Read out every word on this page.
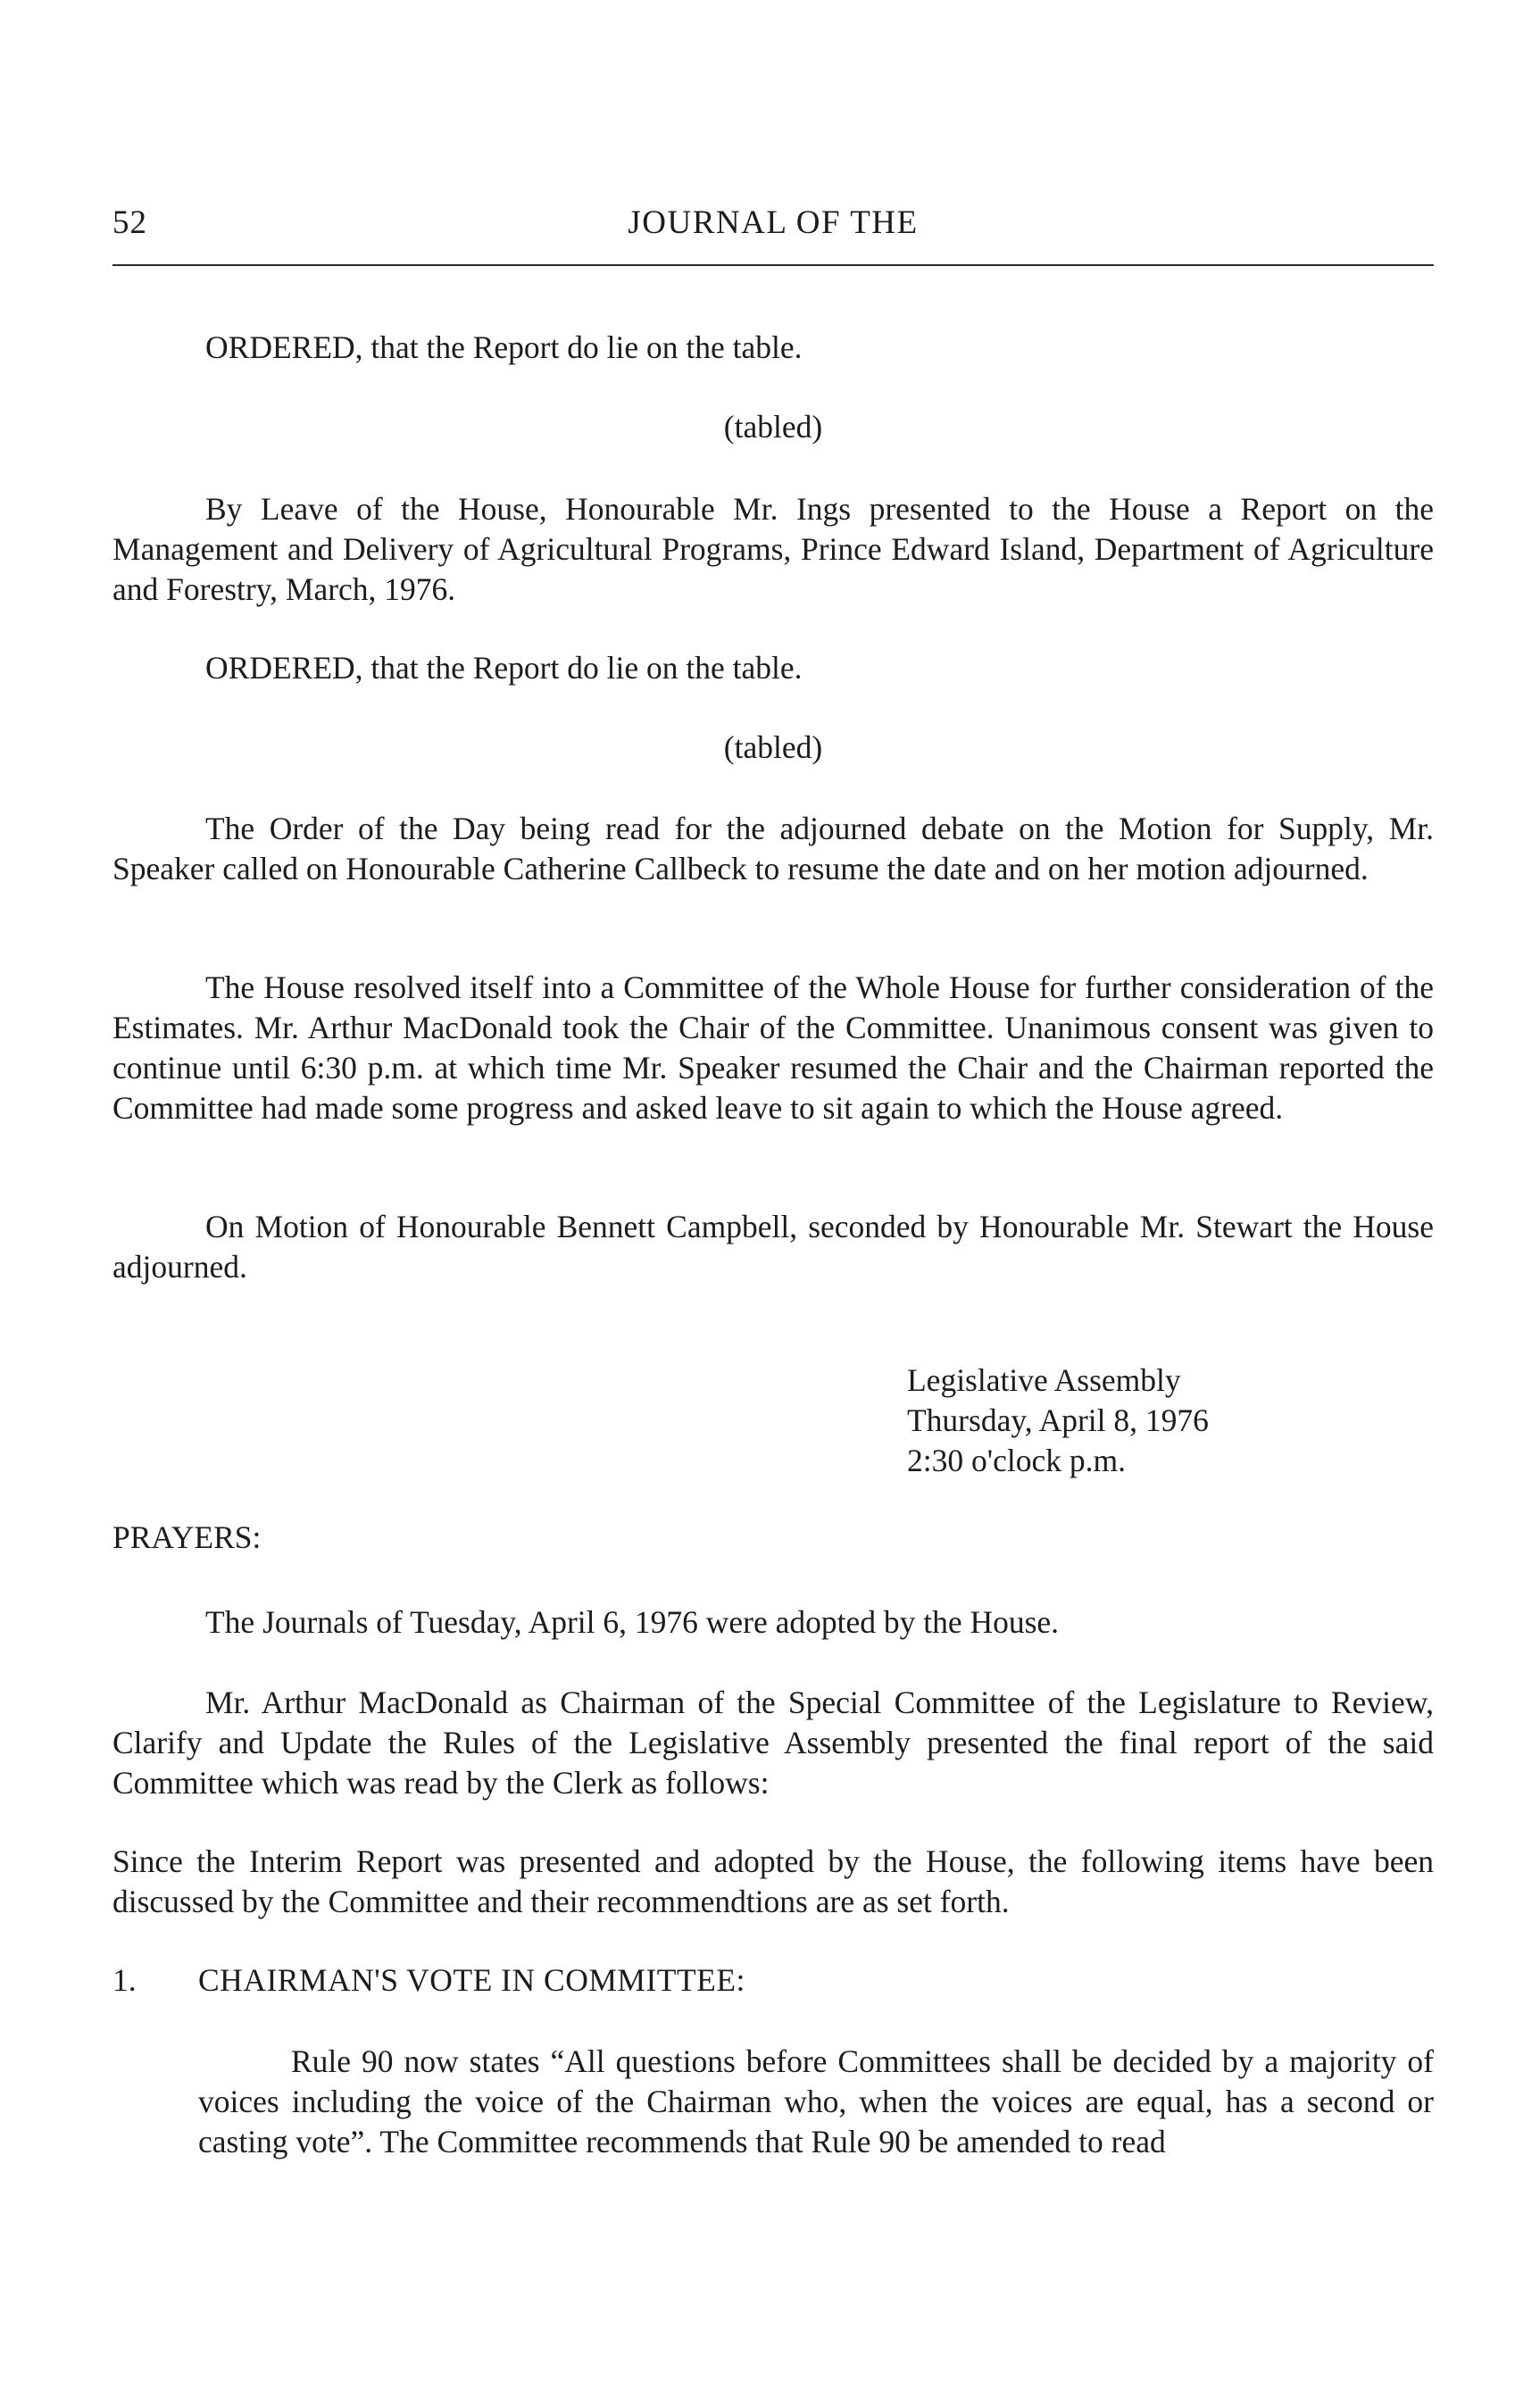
52	JOURNAL OF THE

ORDERED, that the Report do lie on the table.

(tabled)

By Leave of the House, Honourable Mr. Ings presented to the House a Report on the Management and Delivery of Agricultural Programs, Prince Edward Island, Department of Agriculture and Forestry, March, 1976.

ORDERED, that the Report do lie on the table.

(tabled)

The Order of the Day being read for the adjourned debate on the Motion for Supply, Mr. Speaker called on Honourable Catherine Callbeck to resume the date and on her motion adjourned.

The House resolved itself into a Committee of the Whole House for further consideration of the Estimates. Mr. Arthur MacDonald took the Chair of the Committee. Unanimous consent was given to continue until 6:30 p.m. at which time Mr. Speaker resumed the Chair and the Chairman reported the Committee had made some progress and asked leave to sit again to which the House agreed.

On Motion of Honourable Bennett Campbell, seconded by Honourable Mr. Stewart the House adjourned.

Legislative Assembly
Thursday, April 8, 1976
2:30 o'clock p.m.

PRAYERS:

The Journals of Tuesday, April 6, 1976 were adopted by the House.

Mr. Arthur MacDonald as Chairman of the Special Committee of the Legislature to Review, Clarify and Update the Rules of the Legislative Assembly presented the final report of the said Committee which was read by the Clerk as follows:

Since the Interim Report was presented and adopted by the House, the following items have been discussed by the Committee and their recommendtions are as set forth.

1. CHAIRMAN'S VOTE IN COMMITTEE:

Rule 90 now states “All questions before Committees shall be decided by a majority of voices including the voice of the Chairman who, when the voices are equal, has a second or casting vote”. The Committee recommends that Rule 90 be amended to read
